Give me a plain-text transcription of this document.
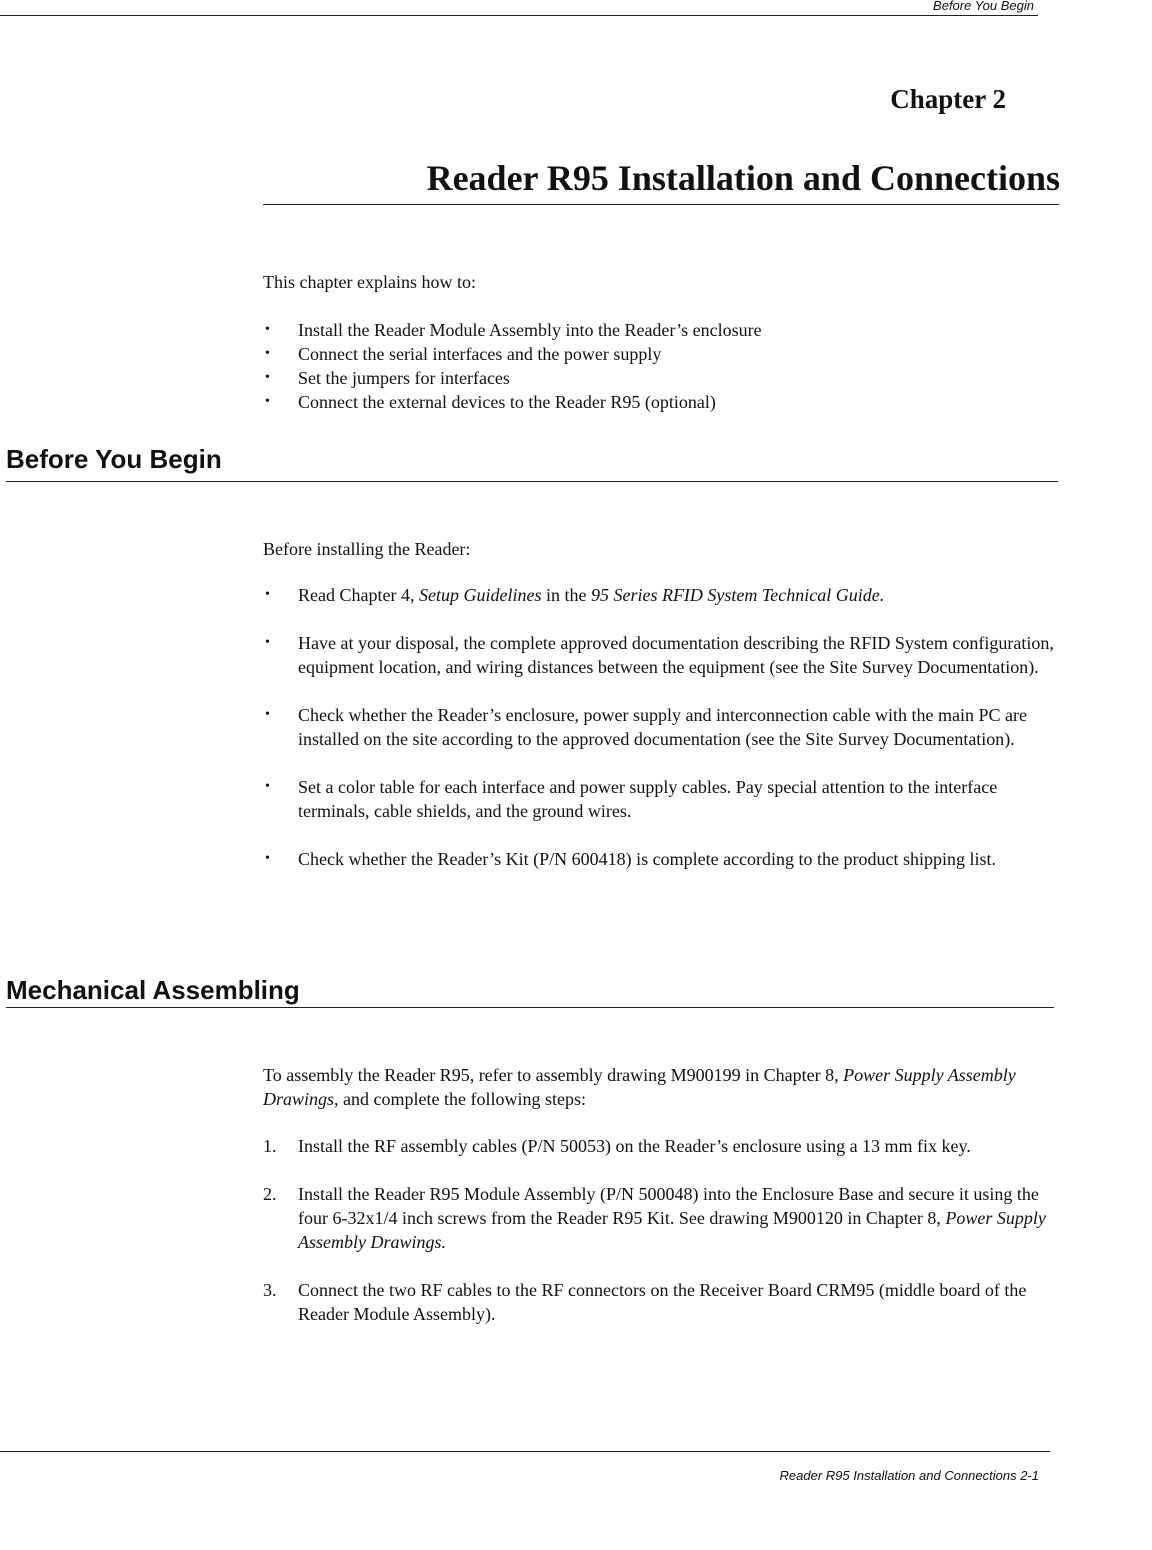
Before You Begin
Chapter 2
Reader R95 Installation and Connections

This chapter explains how to:

• Install the Reader Module Assembly into the Reader’s enclosure
• Connect the serial interfaces and the power supply
• Set the jumpers for interfaces
• Connect the external devices to the Reader R95 (optional)
Before You Begin

Before installing the Reader:

• Read Chapter 4, Setup Guidelines in the 95 Series RFID System Technical Guide.
• Have at your disposal, the complete approved documentation describing the RFID System configuration, equipment location, and wiring distances between the equipment (see the Site Survey Documentation).
• Check whether the Reader’s enclosure, power supply and interconnection cable with the main PC are installed on the site according to the approved documentation (see the Site Survey Documentation).
• Set a color table for each interface and power supply cables. Pay special attention to the interface terminals, cable shields, and the ground wires.
• Check whether the Reader’s Kit (P/N 600418) is complete according to the product shipping list.
Mechanical Assembling

To assembly the Reader R95, refer to assembly drawing M900199 in Chapter 8, Power Supply Assembly Drawings, and complete the following steps:

1. Install the RF assembly cables (P/N 50053) on the Reader’s enclosure using a 13 mm fix key.
2. Install the Reader R95 Module Assembly (P/N 500048) into the Enclosure Base and secure it using the four 6-32x1/4 inch screws from the Reader R95 Kit. See drawing M900120 in Chapter 8, Power Supply Assembly Drawings.
3. Connect the two RF cables to the RF connectors on the Receiver Board CRM95 (middle board of the Reader Module Assembly).
Reader R95 Installation and Connections 2-1
